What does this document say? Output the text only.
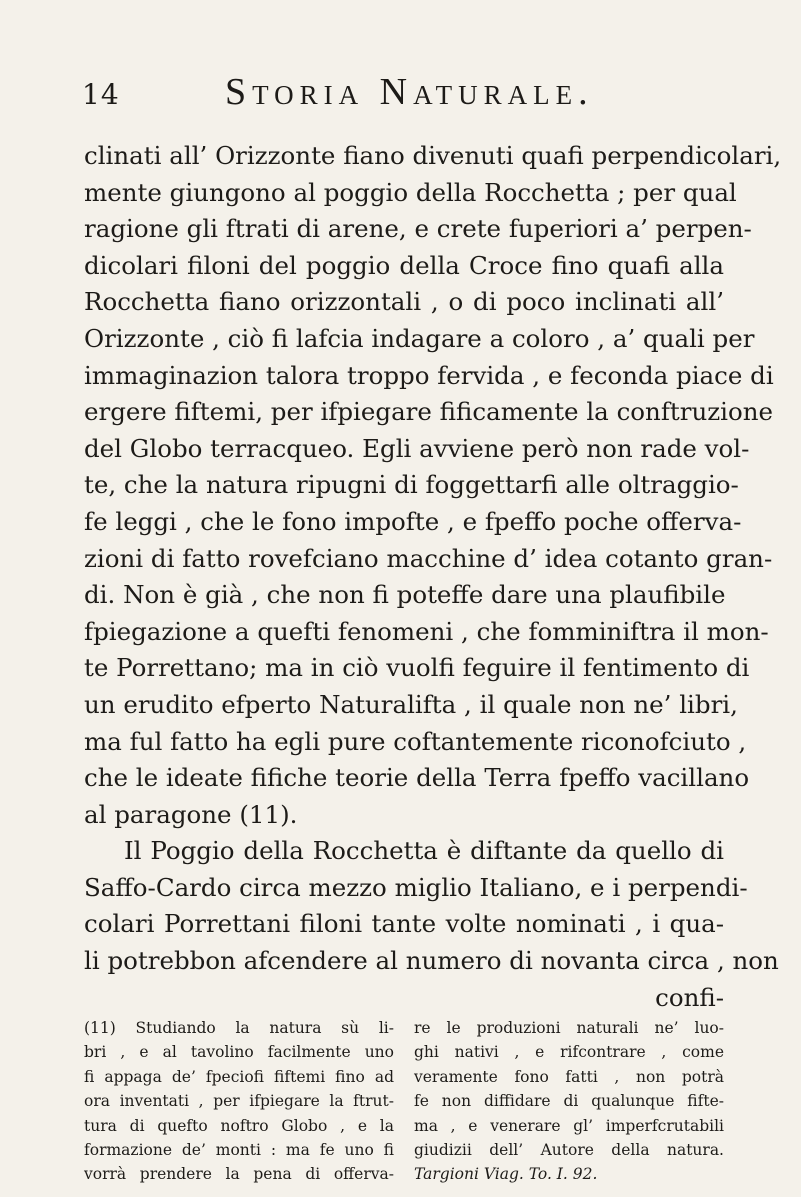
14	Storia Naturale.
clinati all’ Orizzonte fiano divenuti quafi perpendicolari,
mente giungono al poggio della Rocchetta ; per qual
ragione gli ftrati di arene, e crete fuperiori a’ perpen-
dicolari filoni del poggio della Croce fino quafi alla
Rocchetta fiano orizzontali , o di poco inclinati all’
Orizzonte , ciò fi lafcia indagare a coloro , a’ quali per
immaginazion talora troppo fervida , e feconda piace di
ergere fiftemi, per ifpiegare fificamente la conftruzione
del Globo terracqueo. Egli avviene però non rade vol-
te, che la natura ripugni di foggettarfi alle oltraggio-
fe leggi , che le fono impofte , e fpeffo poche offerva-
zioni di fatto rovefciano macchine d’ idea cotanto gran-
di. Non è già , che non fi poteffe dare una plaufibile
fpiegazione a quefti fenomeni , che fomminiftra il mon-
te Porrettano; ma in ciò vuolfi feguire il fentimento di
un erudito efperto Naturalifta , il quale non ne’ libri,
ma ful fatto ha egli pure coftantemente riconofciuto ,
che le ideate fifiche teorie della Terra fpeffo vacillano
al paragone (11).
Il Poggio della Rocchetta è diftante da quello di
Saffo-Cardo circa mezzo miglio Italiano, e i perpendi-
colari Porrettani filoni tante volte nominati , i qua-
li potrebbon afcendere al numero di novanta circa , non
confi-
(11) Studiando la natura sù li-
bri , e al tavolino facilmente uno
fi appaga de’ fpeciofi fiftemi fino ad
ora inventati , per ifpiegare la ftrut-
tura di quefto noftro Globo , e la
formazione de’ monti : ma fe uno fi
vorrà prendere la pena di offerva-
re le produzioni naturali ne’ luo-
ghi nativi , e rifcontrare , come
veramente fono fatti , non potrà
fe non diffidare di qualunque fifte-
ma , e venerare gl’ imperfcrutabili
giudizii dell’ Autore della natura.
Targioni Viag. To. I. 92.
